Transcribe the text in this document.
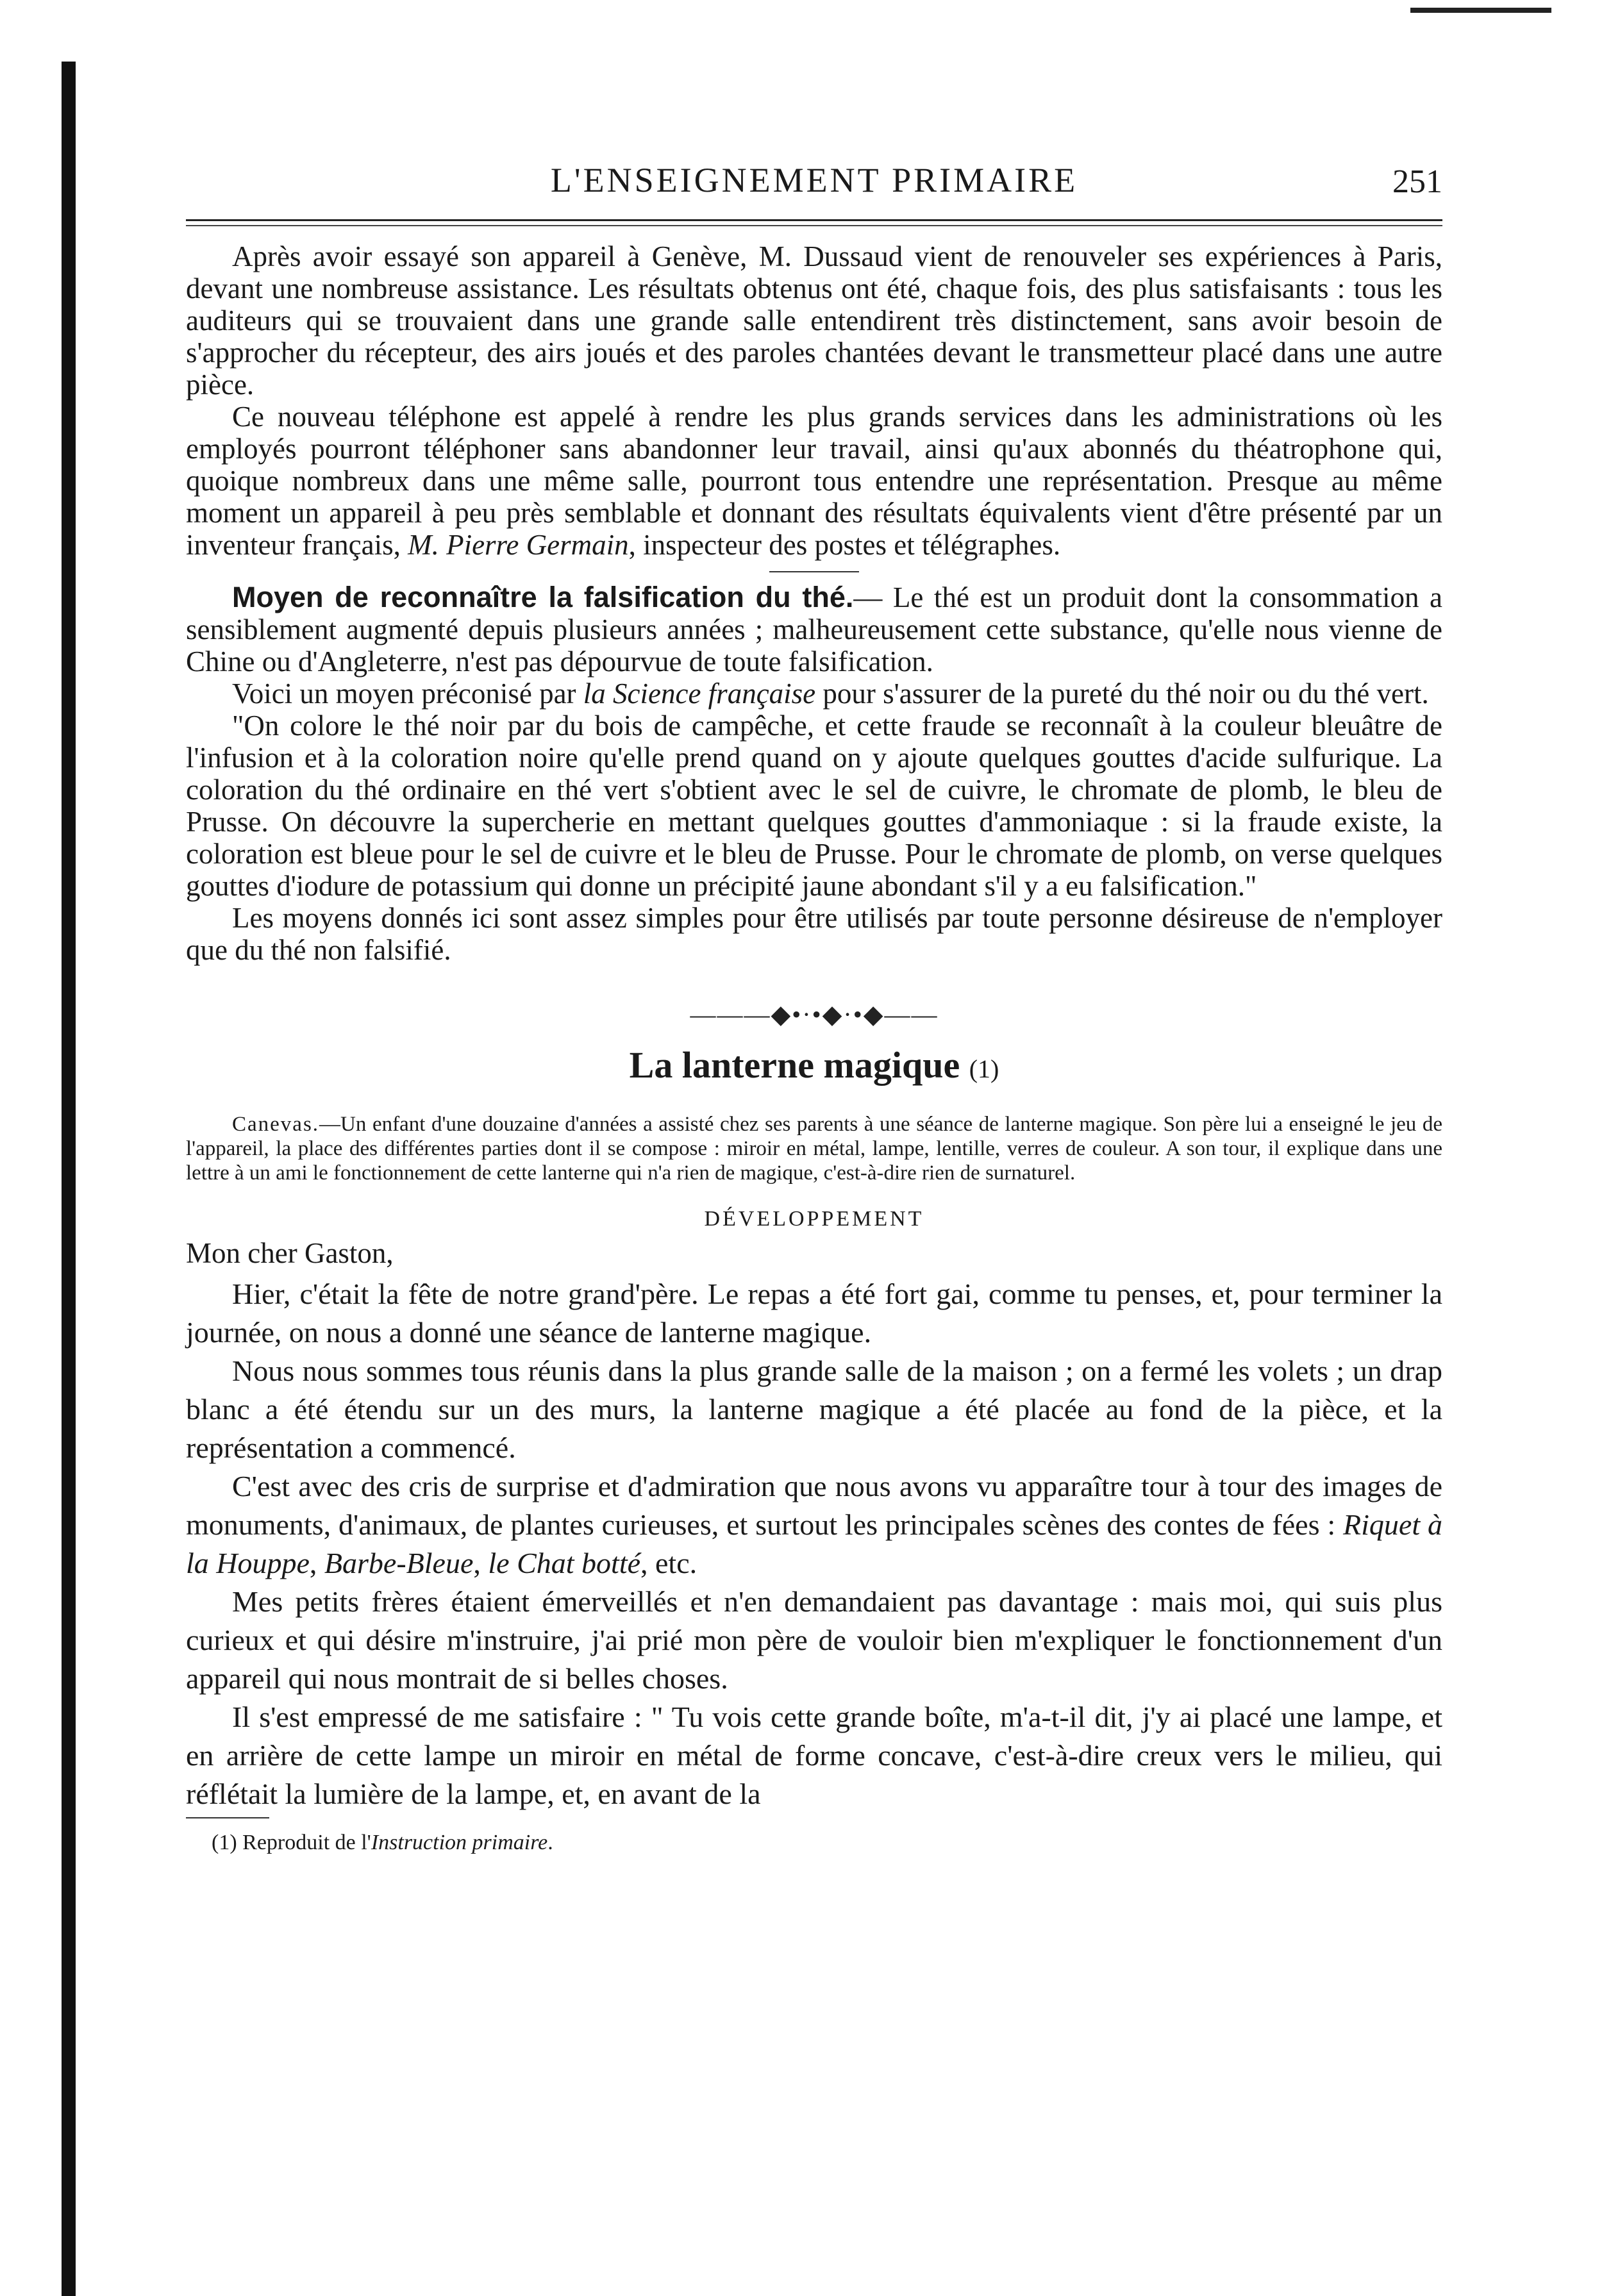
L'ENSEIGNEMENT PRIMAIRE	251

Après avoir essayé son appareil à Genève, M. Dussaud vient de renouveler ses expériences à Paris, devant une nombreuse assistance. Les résultats obtenus ont été, chaque fois, des plus satisfaisants : tous les auditeurs qui se trouvaient dans une grande salle entendirent très distinctement, sans avoir besoin de s'approcher du récepteur, des airs joués et des paroles chantées devant le transmetteur placé dans une autre pièce.

Ce nouveau téléphone est appelé à rendre les plus grands services dans les administrations où les employés pourront téléphoner sans abandonner leur travail, ainsi qu'aux abonnés du théatrophone qui, quoique nombreux dans une même salle, pourront tous entendre une représentation. Presque au même moment un appareil à peu près semblable et donnant des résultats équivalents vient d'être présenté par un inventeur français, M. Pierre Germain, inspecteur des postes et télégraphes.

Moyen de reconnaître la falsification du thé.— Le thé est un produit dont la consommation a sensiblement augmenté depuis plusieurs années ; malheureusement cette substance, qu'elle nous vienne de Chine ou d'Angleterre, n'est pas dépourvue de toute falsification.

Voici un moyen préconisé par la Science française pour s'assurer de la pureté du thé noir ou du thé vert.

"On colore le thé noir par du bois de campêche, et cette fraude se reconnaît à la couleur bleuâtre de l'infusion et à la coloration noire qu'elle prend quand on y ajoute quelques gouttes d'acide sulfurique. La coloration du thé ordinaire en thé vert s'obtient avec le sel de cuivre, le chromate de plomb, le bleu de Prusse. On découvre la supercherie en mettant quelques gouttes d'ammoniaque : si la fraude existe, la coloration est bleue pour le sel de cuivre et le bleu de Prusse. Pour le chromate de plomb, on verse quelques gouttes d'iodure de potassium qui donne un précipité jaune abondant s'il y a eu falsification."

Les moyens donnés ici sont assez simples pour être utilisés par toute personne désireuse de n'employer que du thé non falsifié.

———◆•·•◆·•◆——
La lanterne magique (1)

Canevas.—Un enfant d'une douzaine d'années a assisté chez ses parents à une séance de lanterne magique. Son père lui a enseigné le jeu de l'appareil, la place des différentes parties dont il se compose : miroir en métal, lampe, lentille, verres de couleur. A son tour, il explique dans une lettre à un ami le fonctionnement de cette lanterne qui n'a rien de magique, c'est-à-dire rien de surnaturel.

DÉVELOPPEMENT
Mon cher Gaston,

Hier, c'était la fête de notre grand'père. Le repas a été fort gai, comme tu penses, et, pour terminer la journée, on nous a donné une séance de lanterne magique.

Nous nous sommes tous réunis dans la plus grande salle de la maison ; on a fermé les volets ; un drap blanc a été étendu sur un des murs, la lanterne magique a été placée au fond de la pièce, et la représentation a commencé.

C'est avec des cris de surprise et d'admiration que nous avons vu apparaître tour à tour des images de monuments, d'animaux, de plantes curieuses, et surtout les principales scènes des contes de fées : Riquet à la Houppe, Barbe-Bleue, le Chat botté, etc.

Mes petits frères étaient émerveillés et n'en demandaient pas davantage : mais moi, qui suis plus curieux et qui désire m'instruire, j'ai prié mon père de vouloir bien m'expliquer le fonctionnement d'un appareil qui nous montrait de si belles choses.

Il s'est empressé de me satisfaire : " Tu vois cette grande boîte, m'a-t-il dit, j'y ai placé une lampe, et en arrière de cette lampe un miroir en métal de forme concave, c'est-à-dire creux vers le milieu, qui réflétait la lumière de la lampe, et, en avant de la

(1) Reproduit de l'Instruction primaire.
